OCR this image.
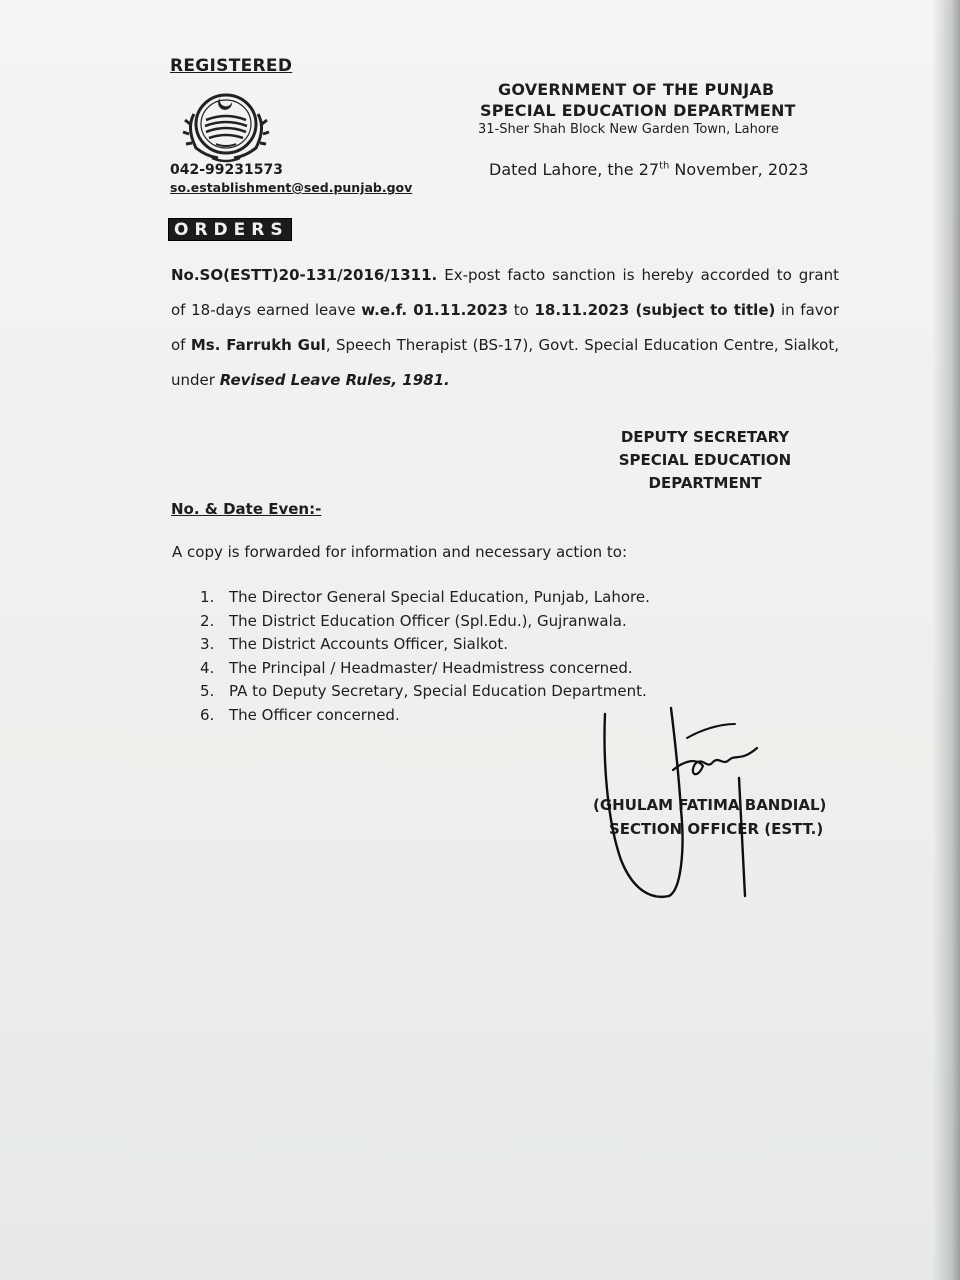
REGISTERED
042-99231573
so.establishment@sed.punjab.gov
GOVERNMENT OF THE PUNJAB
SPECIAL EDUCATION DEPARTMENT
31-Sher Shah Block New Garden Town, Lahore
Dated Lahore, the 27th November, 2023
ORDERS
No.SO(ESTT)20-131/2016/1311. Ex-post facto sanction is hereby accorded to grant of 18-days earned leave w.e.f. 01.11.2023 to 18.11.2023 (subject to title) in favor of Ms. Farrukh Gul, Speech Therapist (BS-17), Govt. Special Education Centre, Sialkot, under Revised Leave Rules, 1981.
DEPUTY SECRETARY
SPECIAL EDUCATION
DEPARTMENT
No. & Date Even:-
A copy is forwarded for information and necessary action to:
1. The Director General Special Education, Punjab, Lahore.
2. The District Education Officer (Spl.Edu.), Gujranwala.
3. The District Accounts Officer, Sialkot.
4. The Principal / Headmaster/ Headmistress concerned.
5. PA to Deputy Secretary, Special Education Department.
6. The Officer concerned.
(GHULAM FATIMA BANDIAL)
SECTION OFFICER (ESTT.)
